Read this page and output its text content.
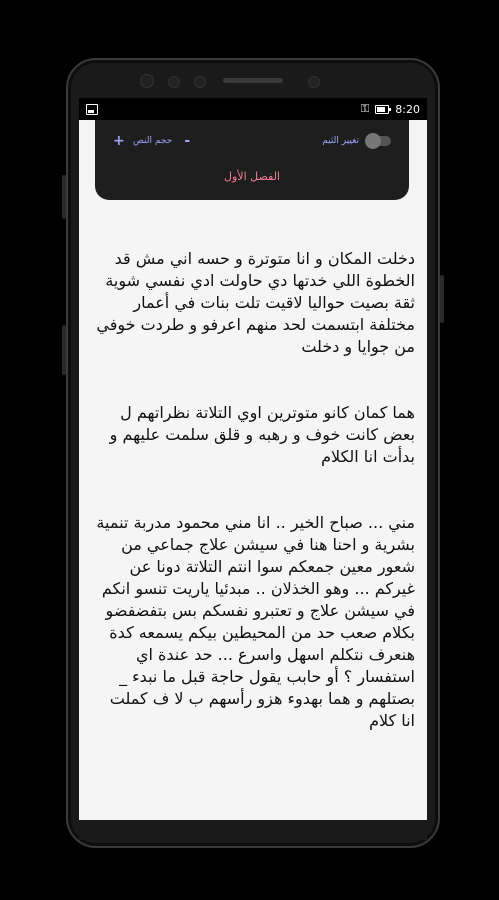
⚿ 8:20
+ حجم النص -	تغيير الثيم
الفصل الأول

دخلت المكان و انا متوترة و حسه اني مش قد الخطوة اللي خدتها دي حاولت ادي نفسي شوية ثقة بصيت حواليا لاقيت تلت بنات في أعمار مختلفة ابتسمت لحد منهم اعرفو و طردت خوفي من جوايا و دخلت

هما كمان كانو متوترين اوي التلاتة نظراتهم ل بعض كانت خوف و رهبه و قلق سلمت عليهم و بدأت انا الكلام

مني ... صباح الخير .. انا مني محمود مدربة تنمية بشرية و احنا هنا في سيشن علاج جماعي من شعور معين جمعكم سوا انتم التلاتة دونا عن غيركم ... وهو الخذلان .. مبدئيا ياريت تنسو انكم في سيشن علاج و تعتبرو نفسكم بس بتفضفضو بكلام صعب حد من المحيطين بيكم يسمعه كدة هنعرف نتكلم اسهل واسرع ... حد عندة اي استفسار ؟ أو حابب يقول حاجة قبل ما نبدء _ بصتلهم و هما بهدوء هزو رأسهم ب لا ف كملت انا كلام
